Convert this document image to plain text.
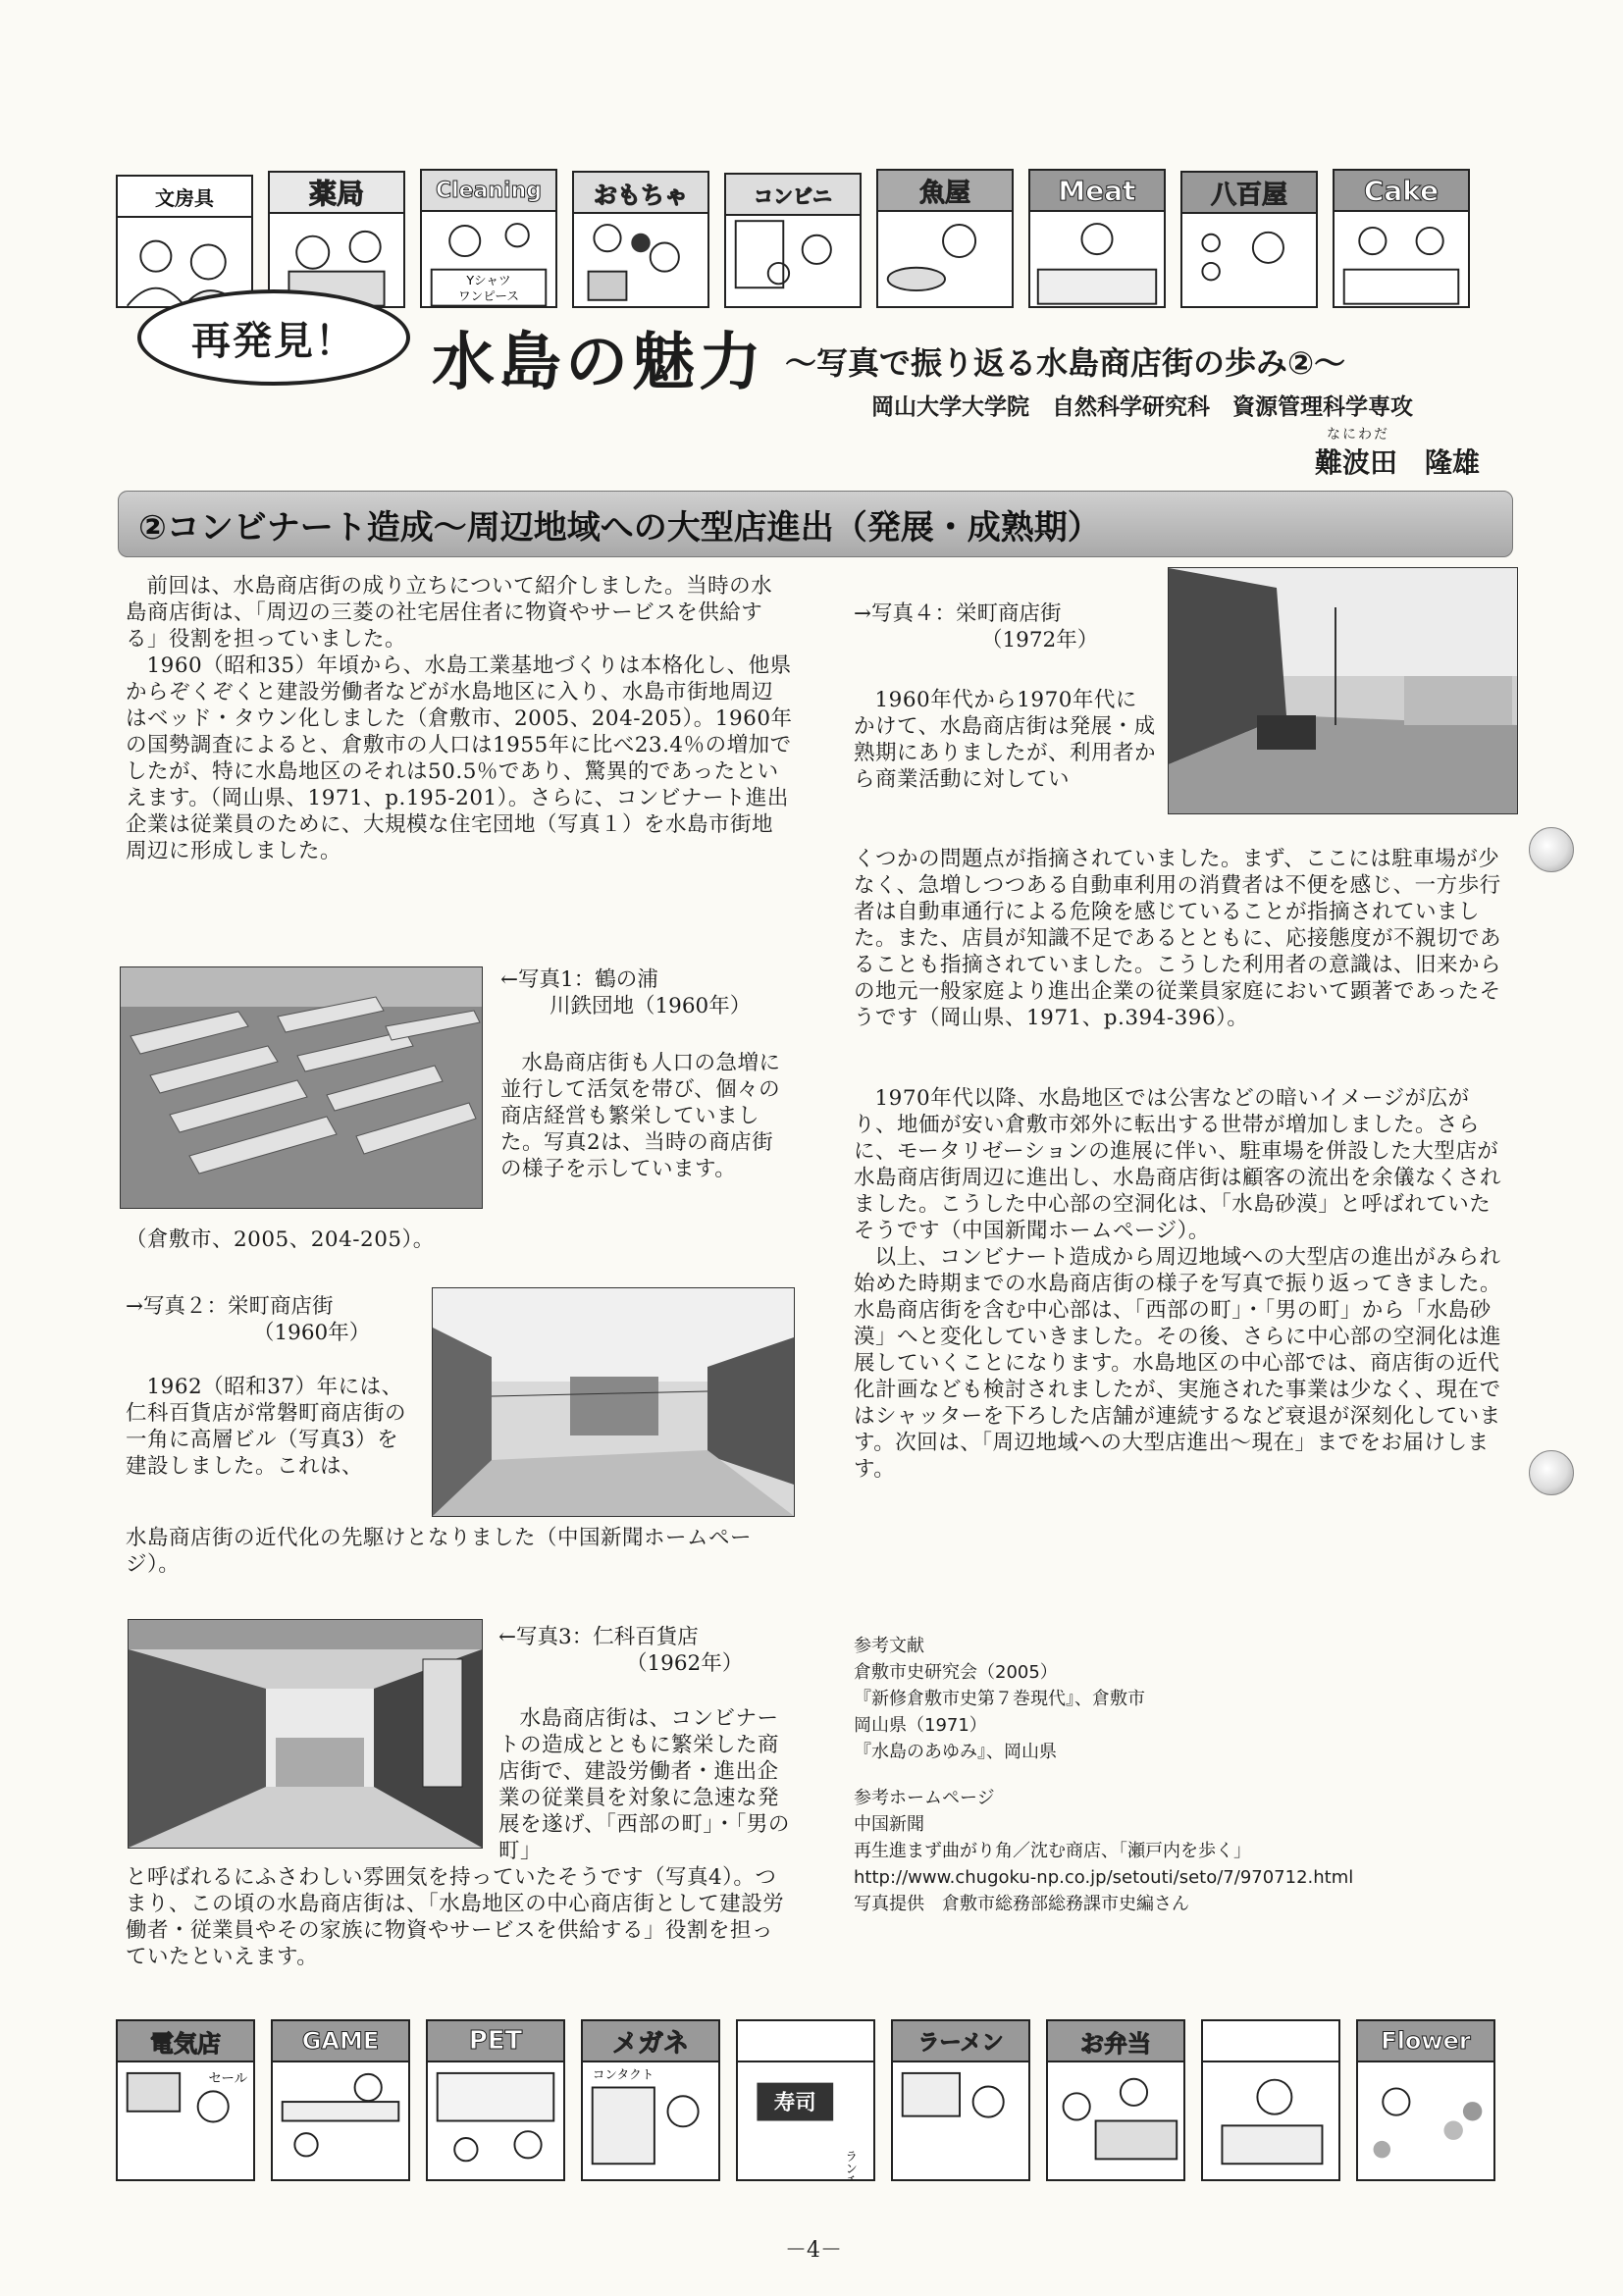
文房具	薬局	Cleaning
Yシャツ
ワンピース
おもちゃ	コンビニ	魚屋	Meat	八百屋	Cake
再発見！ 水島の魅力 ～写真で振り返る水島商店街の歩み②～
岡山大学大学院　自然科学研究科　資源管理科学専攻
なにわだ
難波田　隆雄
②コンビナート造成～周辺地域への大型店進出（発展・成熟期）

前回は、水島商店街の成り立ちについて紹介しました。当時の水島商店街は、「周辺の三菱の社宅居住者に物資やサービスを供給する」役割を担っていました。

1960（昭和35）年頃から、水島工業基地づくりは本格化し、他県からぞくぞくと建設労働者などが水島地区に入り、水島市街地周辺はベッド・タウン化しました（倉敷市、2005、204-205）。1960年の国勢調査によると、倉敷市の人口は1955年に比べ23.4％の増加でしたが、特に水島地区のそれは50.5％であり、驚異的であったといえます。（岡山県、1971、p.195-201）。さらに、コンビナート進出企業は従業員のために、大規模な住宅団地（写真１）を水島市街地周辺に形成しました。

←写真1：鶴の浦
川鉄団地（1960年）

水島商店街も人口の急増に並行して活気を帯び、個々の商店経営も繁栄していました。写真2は、当時の商店街の様子を示しています。

（倉敷市、2005、204-205）。
→写真２：栄町商店街
（1960年）

1962（昭和37）年には、仁科百貨店が常磐町商店街の一角に高層ビル（写真3）を建設しました。これは、

水島商店街の近代化の先駆けとなりました（中国新聞ホームページ）。
←写真3：仁科百貨店
（1962年）

水島商店街は、コンビナートの造成とともに繁栄した商店街で、建設労働者・進出企業の従業員を対象に急速な発展を遂げ、「西部の町」・「男の町」

と呼ばれるにふさわしい雰囲気を持っていたそうです（写真4）。つまり、この頃の水島商店街は、「水島地区の中心商店街として建設労働者・従業員やその家族に物資やサービスを供給する」役割を担っていたといえます。
→写真４：栄町商店街
（1972年）

1960年代から1970年代にかけて、水島商店街は発展・成熟期にありましたが、利用者から商業活動に対してい

くつかの問題点が指摘されていました。まず、ここには駐車場が少なく、急増しつつある自動車利用の消費者は不便を感じ、一方歩行者は自動車通行による危険を感じていることが指摘されていました。また、店員が知識不足であるとともに、応接態度が不親切であることも指摘されていました。こうした利用者の意識は、旧来からの地元一般家庭より進出企業の従業員家庭において顕著であったそうです（岡山県、1971、p.394-396）。

1970年代以降、水島地区では公害などの暗いイメージが広がり、地価が安い倉敷市郊外に転出する世帯が増加しました。さらに、モータリゼーションの進展に伴い、駐車場を併設した大型店が水島商店街周辺に進出し、水島商店街は顧客の流出を余儀なくされました。こうした中心部の空洞化は、「水島砂漠」と呼ばれていたそうです（中国新聞ホームページ）。

以上、コンビナート造成から周辺地域への大型店の進出がみられ始めた時期までの水島商店街の様子を写真で振り返ってきました。水島商店街を含む中心部は、「西部の町」・「男の町」から「水島砂漠」へと変化していきました。その後、さらに中心部の空洞化は進展していくことになります。水島地区の中心部では、商店街の近代化計画なども検討されましたが、実施された事業は少なく、現在ではシャッターを下ろした店舗が連続するなど衰退が深刻化しています。次回は、「周辺地域への大型店進出～現在」までをお届けします。

参考文献
倉敷市史研究会（2005）
『新修倉敷市史第７巻現代』、倉敷市
岡山県（1971）
『水島のあゆみ』、岡山県
参考ホームページ
中国新聞
再生進まず曲がり角／沈む商店、「瀬戸内を歩く」
http://www.chugoku-np.co.jp/setouti/seto/7/970712.html
写真提供　倉敷市総務部総務課市史編さん
電気店
セール
GAME	PET	メガネ
コンタクト
寿司
ランチ
ラーメン	お弁当	Flower
－4－
